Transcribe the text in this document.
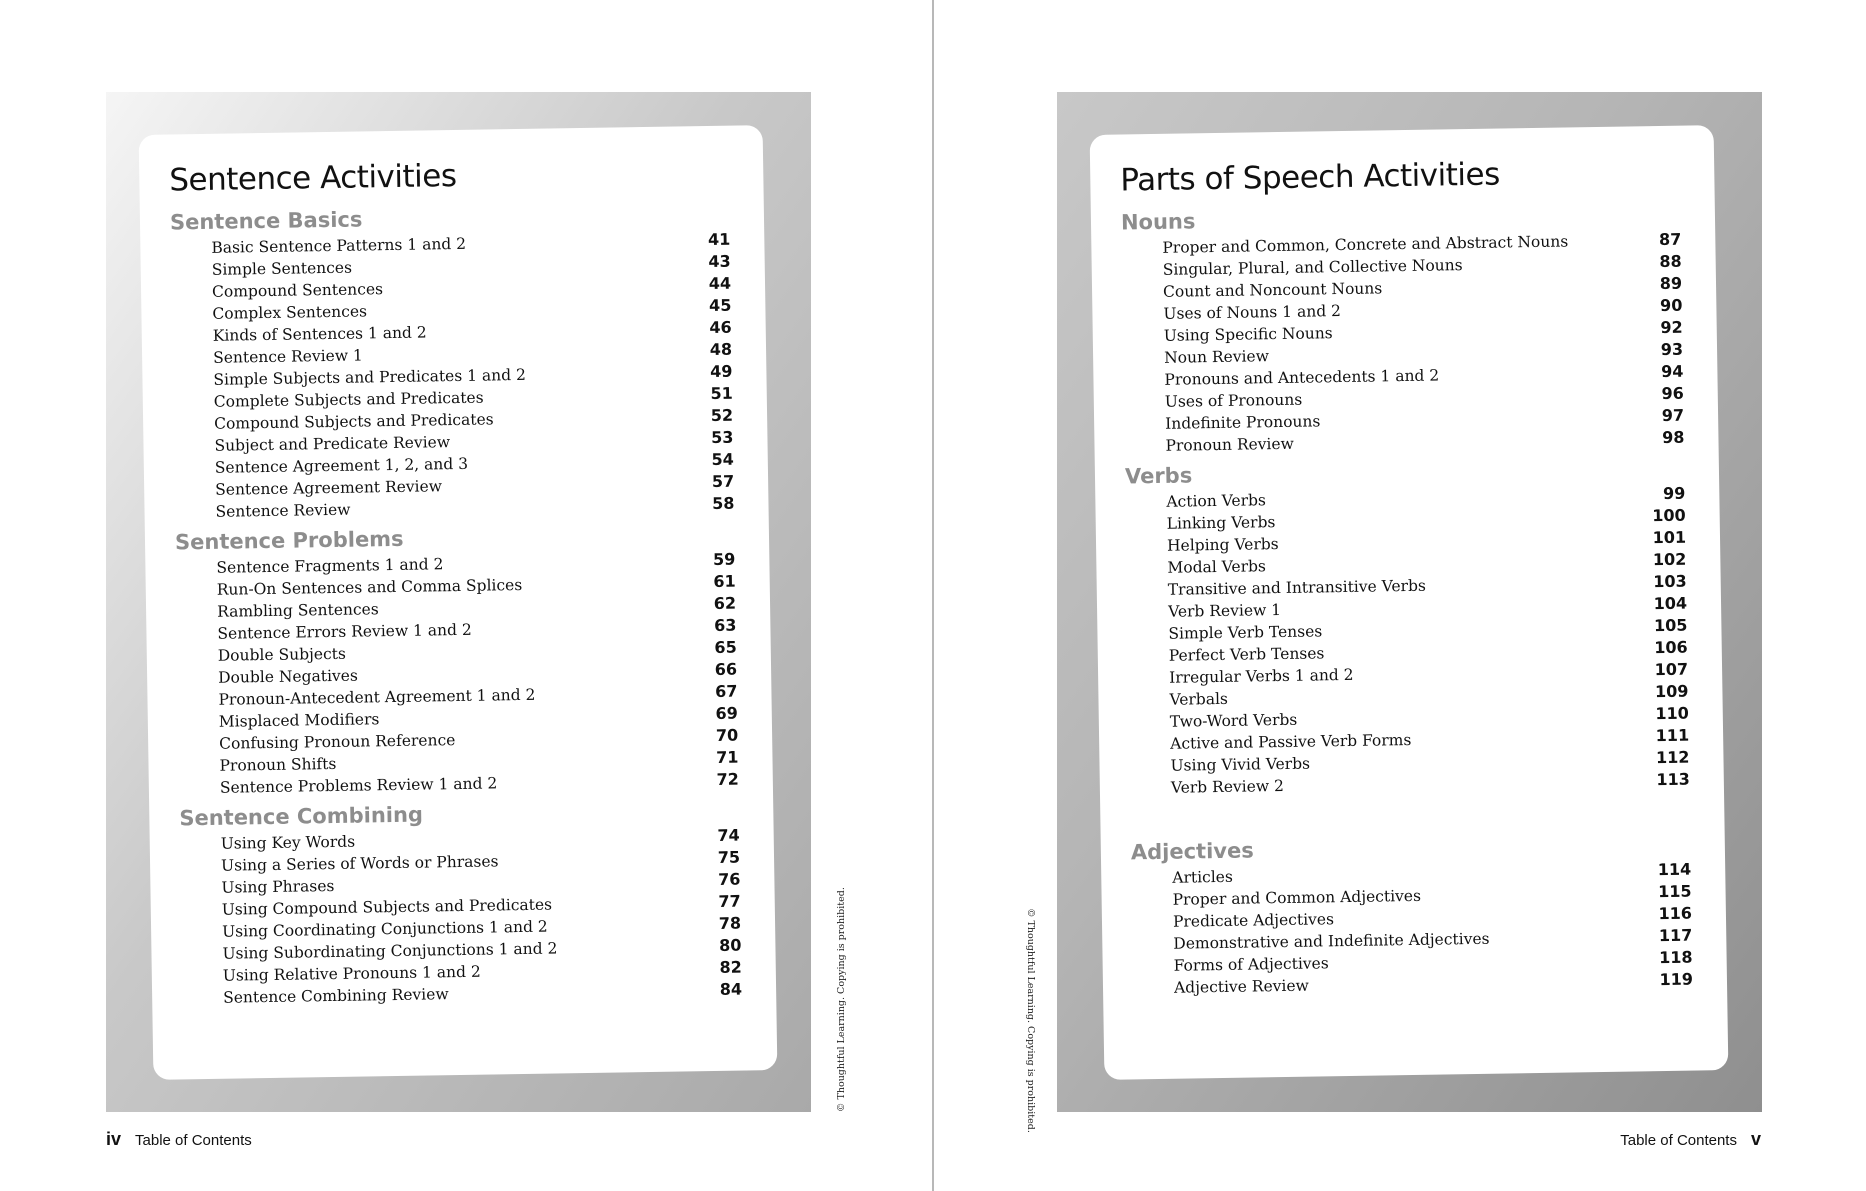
Sentence Activities
Sentence Basics
Basic Sentence Patterns 1 and 2	41
Simple Sentences	43
Compound Sentences	44
Complex Sentences	45
Kinds of Sentences 1 and 2	46
Sentence Review 1	48
Simple Subjects and Predicates 1 and 2	49
Complete Subjects and Predicates	51
Compound Subjects and Predicates	52
Subject and Predicate Review	53
Sentence Agreement 1, 2, and 3	54
Sentence Agreement Review	57
Sentence Review	58
Sentence Problems
Sentence Fragments 1 and 2	59
Run-On Sentences and Comma Splices	61
Rambling Sentences	62
Sentence Errors Review 1 and 2	63
Double Subjects	65
Double Negatives	66
Pronoun-Antecedent Agreement 1 and 2	67
Misplaced Modifiers	69
Confusing Pronoun Reference	70
Pronoun Shifts	71
Sentence Problems Review 1 and 2	72
Sentence Combining
Using Key Words	74
Using a Series of Words or Phrases	75
Using Phrases	76
Using Compound Subjects and Predicates	77
Using Coordinating Conjunctions 1 and 2	78
Using Subordinating Conjunctions 1 and 2	80
Using Relative Pronouns 1 and 2	82
Sentence Combining Review	84	© Thoughtful Learning. Copying is prohibited.
iv Table of Contents
Parts of Speech Activities
Nouns
Proper and Common, Concrete and Abstract Nouns	87
Singular, Plural, and Collective Nouns	88
Count and Noncount Nouns	89
Uses of Nouns 1 and 2	90
Using Specific Nouns	92
Noun Review	93
Pronouns and Antecedents 1 and 2	94
Uses of Pronouns	96
Indefinite Pronouns	97
Pronoun Review	98
Verbs
Action Verbs	99
Linking Verbs	100
Helping Verbs	101
Modal Verbs	102
Transitive and Intransitive Verbs	103
Verb Review 1	104
Simple Verb Tenses	105
Perfect Verb Tenses	106
Irregular Verbs 1 and 2	107
Verbals	109
Two-Word Verbs	110
Active and Passive Verb Forms	111
Using Vivid Verbs	112
Verb Review 2	113
Adjectives
Articles	114
Proper and Common Adjectives	115
Predicate Adjectives	116
Demonstrative and Indefinite Adjectives	117
Forms of Adjectives	118
Adjective Review	119
© Thoughtful Learning. Copying is prohibited.
Table of Contents v
